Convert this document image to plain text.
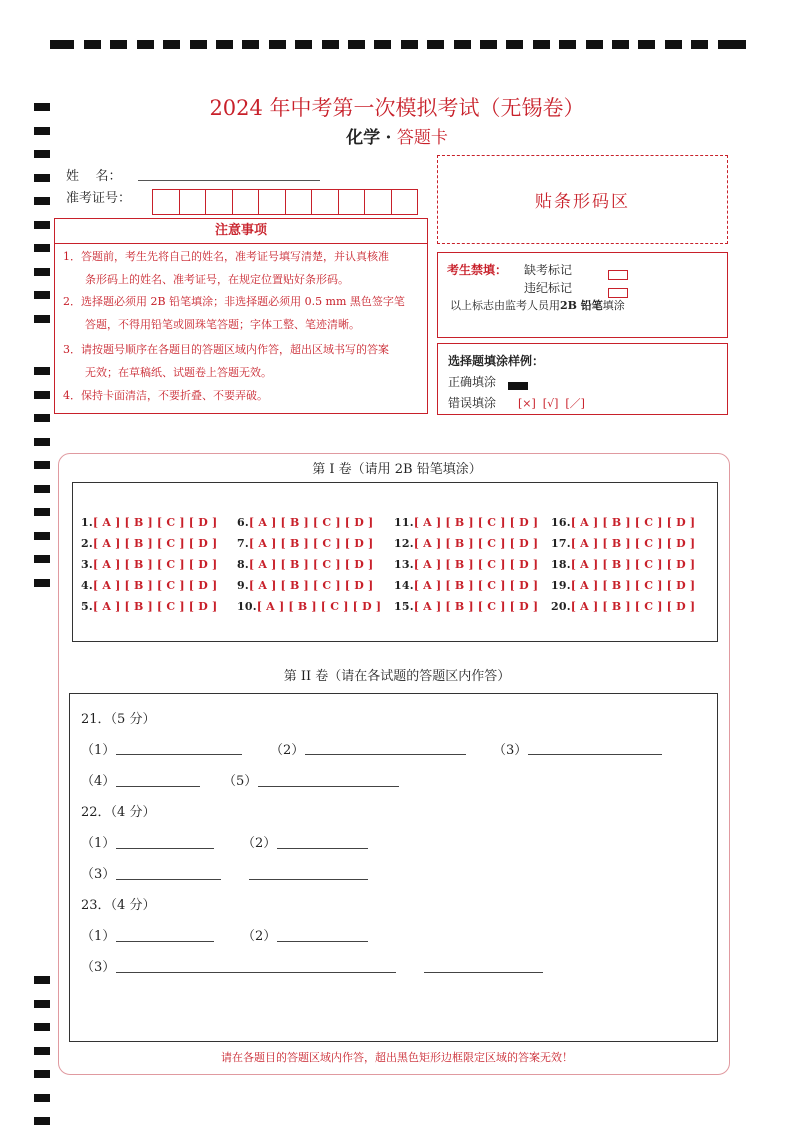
2024 年中考第一次模拟考试（无锡卷）
化学 · 答题卡
姓    名：
准考证号：	贴条形码区
注意事项
1．答题前，考生先将自己的姓名，准考证号填写清楚，并认真核准
　　条形码上的姓名、准考证号，在规定位置贴好条形码。
2．选择题必须用 2B 铅笔填涂；非选择题必须用 0.5 mm 黑色签字笔
　　答题，不得用铅笔或圆珠笔答题；字体工整、笔迹清晰。
3．请按题号顺序在各题目的答题区域内作答，超出区域书写的答案
　　无效；在草稿纸、试题卷上答题无效。
4．保持卡面清洁，不要折叠、不要弄破。
考生禁填： 缺考标记
违纪标记
以上标志由监考人员用2B 铅笔填涂
选择题填涂样例：
正确填涂
错误填涂 [×]  [√]  [／]
第 I 卷（请用 2B 铅笔填涂）
1.[ A ] [ B ] [ C ] [ D ]
2.[ A ] [ B ] [ C ] [ D ]
3.[ A ] [ B ] [ C ] [ D ]
4.[ A ] [ B ] [ C ] [ D ]
5.[ A ] [ B ] [ C ] [ D ]
6.[ A ] [ B ] [ C ] [ D ]
7.[ A ] [ B ] [ C ] [ D ]
8.[ A ] [ B ] [ C ] [ D ]
9.[ A ] [ B ] [ C ] [ D ]
10.[ A ] [ B ] [ C ] [ D ]
11.[ A ] [ B ] [ C ] [ D ]
12.[ A ] [ B ] [ C ] [ D ]
13.[ A ] [ B ] [ C ] [ D ]
14.[ A ] [ B ] [ C ] [ D ]
15.[ A ] [ B ] [ C ] [ D ]
16.[ A ] [ B ] [ C ] [ D ]
17.[ A ] [ B ] [ C ] [ D ]
18.[ A ] [ B ] [ C ] [ D ]
19.[ A ] [ B ] [ C ] [ D ]
20.[ A ] [ B ] [ C ] [ D ]
第 II 卷（请在各试题的答题区内作答）
21．（5 分）
（1）	（2）	（3）
（4）	（5）
22．（4 分）
（1）	（2）
（3）
23．（4 分）
（1）	（2）
（3）
请在各题目的答题区域内作答，超出黑色矩形边框限定区域的答案无效！
